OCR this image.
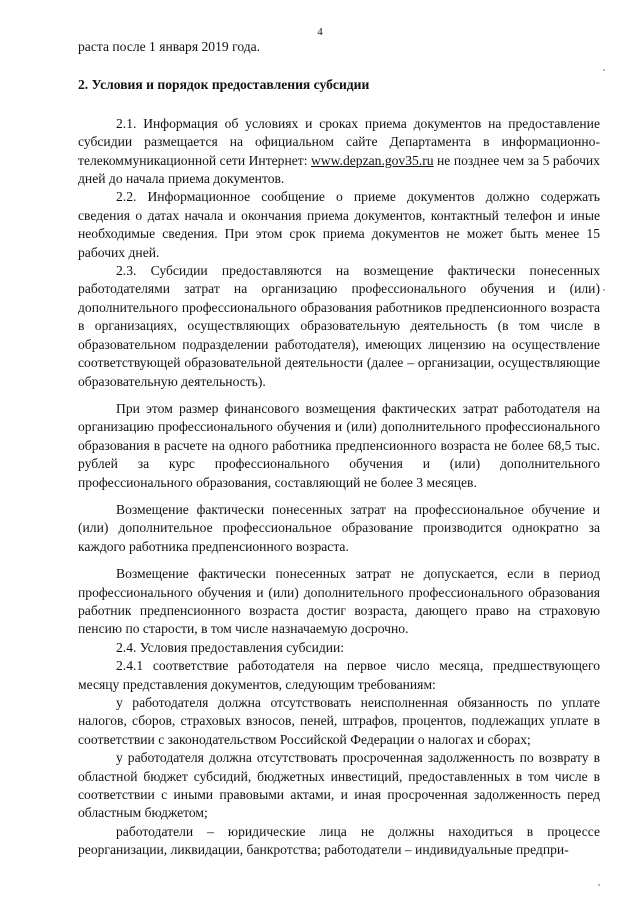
4

раста после 1 января 2019 года.

2. Условия и порядок предоставления субсидии

2.1. Информация об условиях и сроках приема документов на предоставление субсидии размещается на официальном сайте Департамента в информационно-телекоммуникационной сети Интернет: www.depzan.gov35.ru не позднее чем за 5 рабочих дней до начала приема документов.

2.2. Информационное сообщение о приеме документов должно содержать сведения о датах начала и окончания приема документов, контактный телефон и иные необходимые сведения. При этом срок приема документов не может быть менее 15 рабочих дней.

2.3. Субсидии предоставляются на возмещение фактически понесенных работодателями затрат на организацию профессионального обучения и (или) дополнительного профессионального образования работников предпенсионного возраста в организациях, осуществляющих образовательную деятельность (в том числе в образовательном подразделении работодателя), имеющих лицензию на осуществление соответствующей образовательной деятельности (далее – организации, осуществляющие образовательную деятельность).

При этом размер финансового возмещения фактических затрат работодателя на организацию профессионального обучения и (или) дополнительного профессионального образования в расчете на одного работника предпенсионного возраста не более 68,5 тыс. рублей за курс профессионального обучения и (или) дополнительного профессионального образования, составляющий не более 3 месяцев.

Возмещение фактически понесенных затрат на профессиональное обучение и (или) дополнительное профессиональное образование производится однократно за каждого работника предпенсионного возраста.

Возмещение фактически понесенных затрат не допускается, если в период профессионального обучения и (или) дополнительного профессионального образования работник предпенсионного возраста достиг возраста, дающего право на страховую пенсию по старости, в том числе назначаемую досрочно.

2.4. Условия предоставления субсидии:

2.4.1 соответствие работодателя на первое число месяца, предшествующего месяцу представления документов, следующим требованиям:

у работодателя должна отсутствовать неисполненная обязанность по уплате налогов, сборов, страховых взносов, пеней, штрафов, процентов, подлежащих уплате в соответствии с законодательством Российской Федерации о налогах и сборах;

у работодателя должна отсутствовать просроченная задолженность по возврату в областной бюджет субсидий, бюджетных инвестиций, предоставленных в том числе в соответствии с иными правовыми актами, и иная просроченная задолженность перед областным бюджетом;

работодатели – юридические лица не должны находиться в процессе реорганизации, ликвидации, банкротства; работодатели – индивидуальные предпри-
